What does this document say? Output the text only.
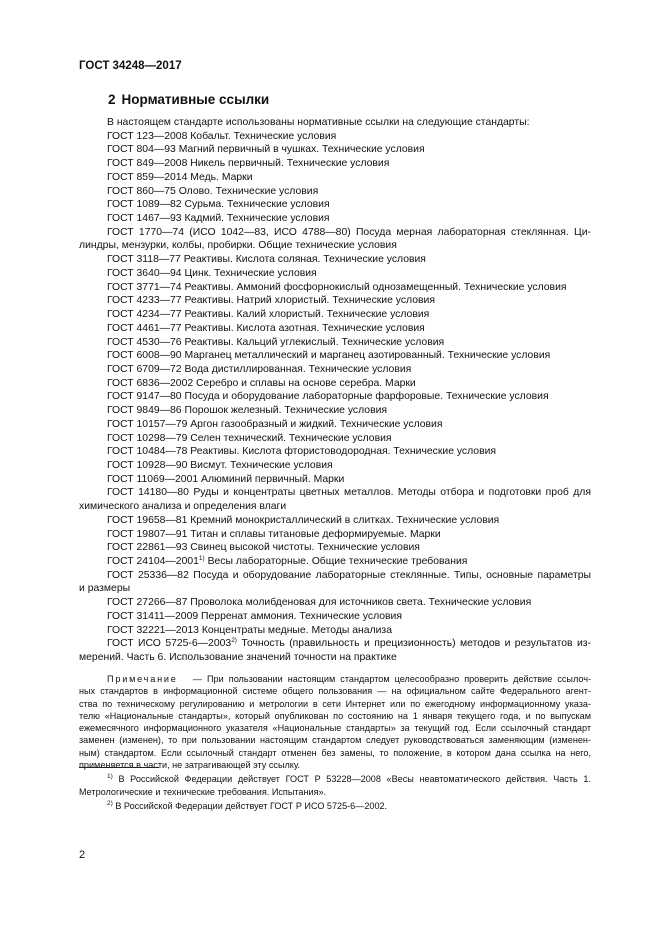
ГОСТ 34248—2017
2 Нормативные ссылки
В настоящем стандарте использованы нормативные ссылки на следующие стандарты:
ГОСТ 123—2008 Кобальт. Технические условия
ГОСТ 804—93 Магний первичный в чушках. Технические условия
ГОСТ 849—2008 Никель первичный. Технические условия
ГОСТ 859—2014 Медь. Марки
ГОСТ 860—75 Олово. Технические условия
ГОСТ 1089—82 Сурьма. Технические условия
ГОСТ 1467—93 Кадмий. Технические условия
ГОСТ 1770—74 (ИСО 1042—83, ИСО 4788—80) Посуда мерная лабораторная стеклянная. Ци-
линдры, мензурки, колбы, пробирки. Общие технические условия
ГОСТ 3118—77 Реактивы. Кислота соляная. Технические условия
ГОСТ 3640—94 Цинк. Технические условия
ГОСТ 3771—74 Реактивы. Аммоний фосфорнокислый однозамещенный. Технические условия
ГОСТ 4233—77 Реактивы. Натрий хлористый. Технические условия
ГОСТ 4234—77 Реактивы. Калий хлористый. Технические условия
ГОСТ 4461—77 Реактивы. Кислота азотная. Технические условия
ГОСТ 4530—76 Реактивы. Кальций углекислый. Технические условия
ГОСТ 6008—90 Марганец металлический и марганец азотированный. Технические условия
ГОСТ 6709—72 Вода дистиллированная. Технические условия
ГОСТ 6836—2002 Серебро и сплавы на основе серебра. Марки
ГОСТ 9147—80 Посуда и оборудование лабораторные фарфоровые. Технические условия
ГОСТ 9849—86 Порошок железный. Технические условия
ГОСТ 10157—79 Аргон газообразный и жидкий. Технические условия
ГОСТ 10298—79 Селен технический. Технические условия
ГОСТ 10484—78 Реактивы. Кислота фтористоводородная. Технические условия
ГОСТ 10928—90 Висмут. Технические условия
ГОСТ 11069—2001 Алюминий первичный. Марки
ГОСТ 14180—80 Руды и концентраты цветных металлов. Методы отбора и подготовки проб для
химического анализа и определения влаги
ГОСТ 19658—81 Кремний монокристаллический в слитках. Технические условия
ГОСТ 19807—91 Титан и сплавы титановые деформируемые. Марки
ГОСТ 22861—93 Свинец высокой чистоты. Технические условия
ГОСТ 24104—2001$^{1)}$ Весы лабораторные. Общие технические требования
ГОСТ 25336—82 Посуда и оборудование лабораторные стеклянные. Типы, основные параметры
и размеры
ГОСТ 27266—87 Проволока молибденовая для источников света. Технические условия
ГОСТ 31411—2009 Перренат аммония. Технические условия
ГОСТ 32221—2013 Концентраты медные. Методы анализа
ГОСТ ИСО 5725-6—2003$^{2)}$ Точность (правильность и прецизионность) методов и результатов из-
мерений. Часть 6. Использование значений точности на практике
Примечание — При пользовании настоящим стандартом целесообразно проверить действие ссылоч-
ных стандартов в информационной системе общего пользования — на официальном сайте Федерального агент-
ства по техническому регулированию и метрологии в сети Интернет или по ежегодному информационному указа-
телю «Национальные стандарты», который опубликован по состоянию на 1 января текущего года, и по выпускам
ежемесячного информационного указателя «Национальные стандарты» за текущий год. Если ссылочный стандарт
заменен (изменен), то при пользовании настоящим стандартом следует руководствоваться заменяющим (изменен-
ным) стандартом. Если ссылочный стандарт отменен без замены, то положение, в котором дана ссылка на него,
применяется в части, не затрагивающей эту ссылку.
$^{1)}$ В Российской Федерации действует ГОСТ Р 53228—2008 «Весы неавтоматического действия. Часть 1.
Метрологические и технические требования. Испытания».
$^{2)}$ В Российской Федерации действует ГОСТ Р ИСО 5725-6—2002.
2
